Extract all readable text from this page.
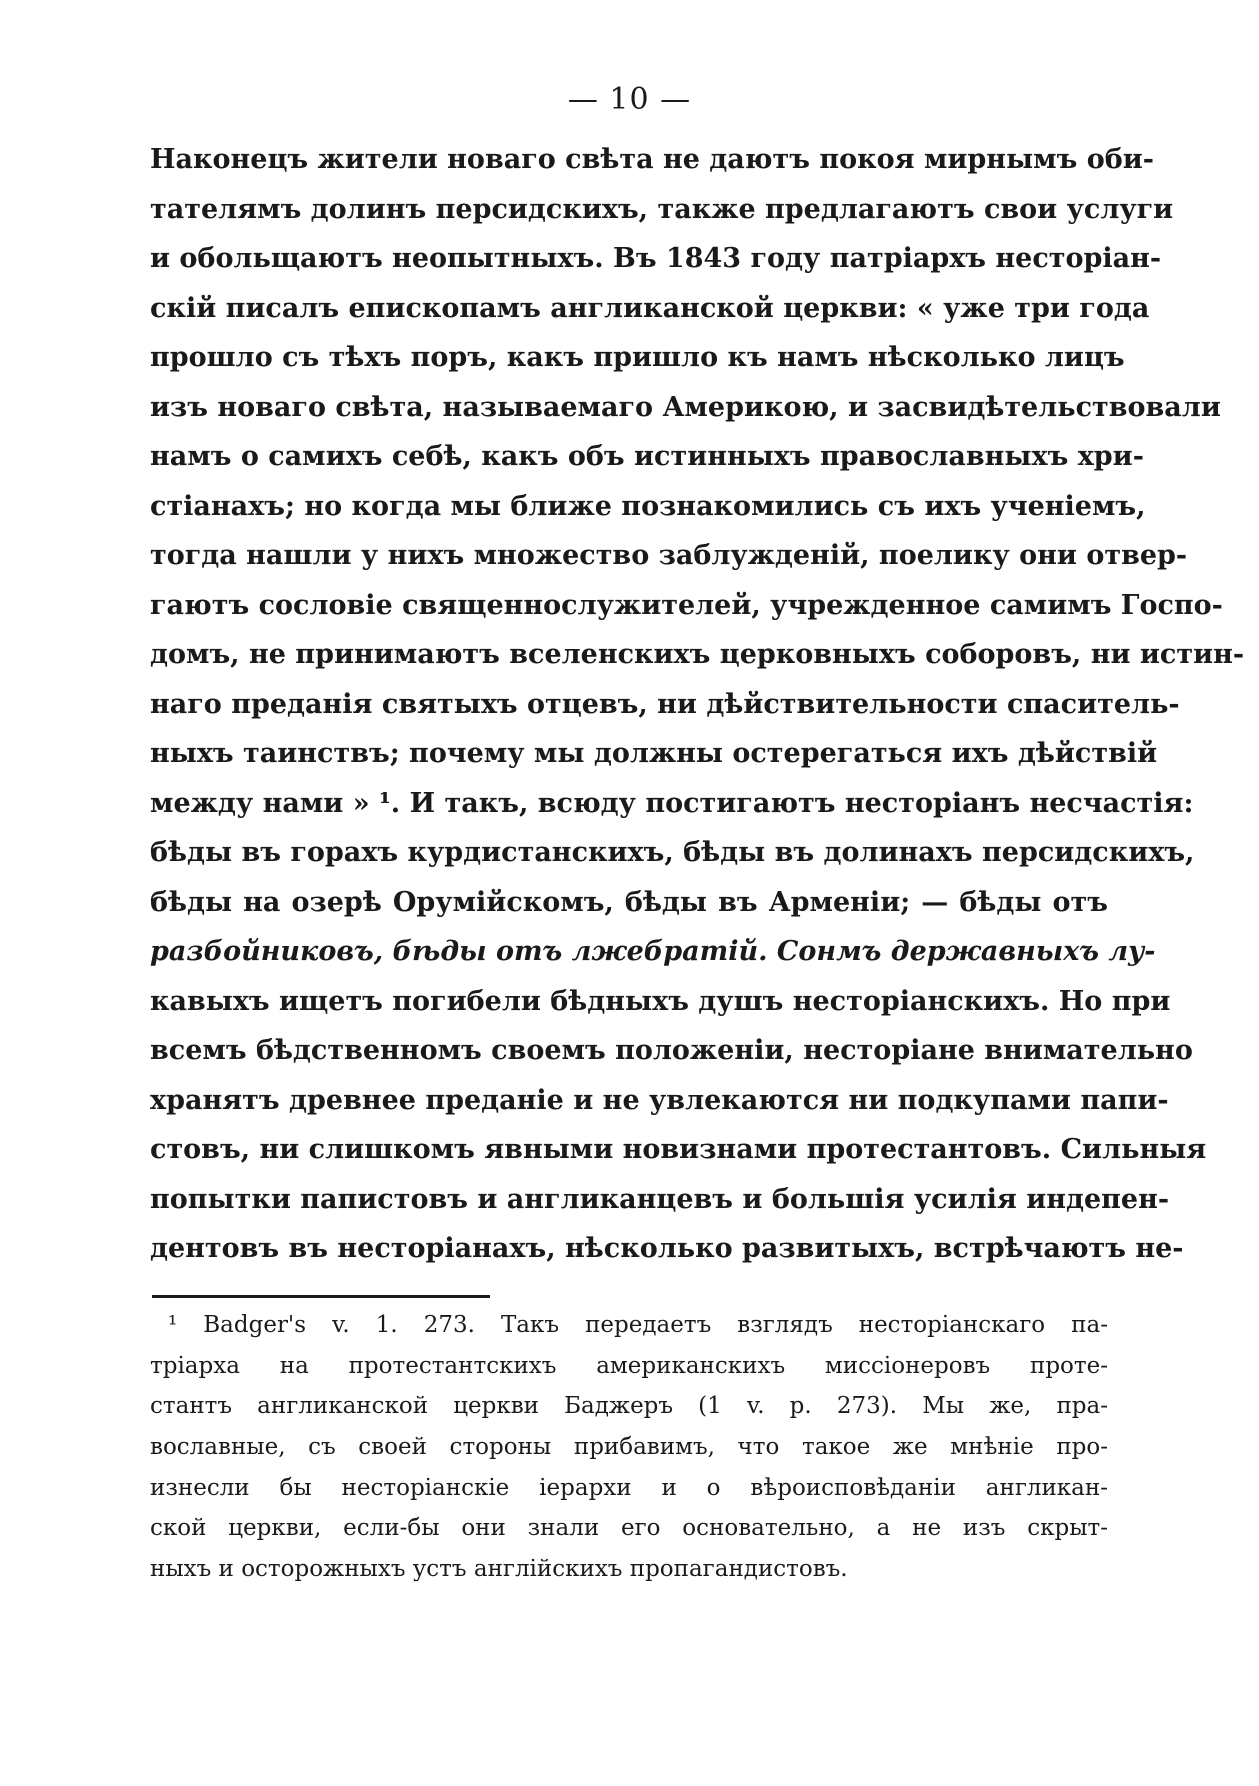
— 10 —
Наконецъ жители новаго свѣта не даютъ покоя мирнымъ оби-
тателямъ долинъ персидскихъ, также предлагаютъ свои услуги
и обольщаютъ неопытныхъ. Въ 1843 году патріархъ несторіан-
скій писалъ епископамъ англиканской церкви: « уже три года
прошло съ тѣхъ поръ, какъ пришло къ намъ нѣсколько лицъ
изъ новаго свѣта, называемаго Америкою, и засвидѣтельствовали
намъ о самихъ себѣ, какъ объ истинныхъ православныхъ хри-
стіанахъ; но когда мы ближе познакомились съ ихъ ученіемъ,
тогда нашли у нихъ множество заблужденій, поелику они отвер-
гаютъ сословіе священнослужителей, учрежденное самимъ Госпо-
домъ, не принимаютъ вселенскихъ церковныхъ соборовъ, ни истин-
наго преданія святыхъ отцевъ, ни дѣйствительности спаситель-
ныхъ таинствъ; почему мы должны остерегаться ихъ дѣйствій
между нами » ¹. И такъ, всюду постигаютъ несторіанъ несчастія:
бѣды въ горахъ курдистанскихъ, бѣды въ долинахъ персидскихъ,
бѣды на озерѣ Орумійскомъ, бѣды въ Арменіи; — бѣды отъ
разбойниковъ, бѣды отъ лжебратій. Сонмъ державныхъ лу-
кавыхъ ищетъ погибели бѣдныхъ душъ несторіанскихъ. Но при
всемъ бѣдственномъ своемъ положеніи, несторіане внимательно
хранятъ древнее преданіе и не увлекаются ни подкупами папи-
стовъ, ни слишкомъ явными новизнами протестантовъ. Сильныя
попытки папистовъ и англиканцевъ и большія усилія индепен-
дентовъ въ несторіанахъ, нѣсколько развитыхъ, встрѣчаютъ не-
¹ Badger's v. 1. 273. Такъ передаетъ взглядъ несторіанскаго па-
тріарха на протестантскихъ американскихъ миссіонеровъ проте-
стантъ англиканской церкви Баджеръ (1 v. p. 273). Мы же, пра-
вославные, съ своей стороны прибавимъ, что такое же мнѣніе про-
изнесли бы несторіанскіе іерархи и о вѣроисповѣданіи англикан-
ской церкви, если-бы они знали его основательно, а не изъ скрыт-
ныхъ и осторожныхъ устъ англійскихъ пропагандистовъ.
